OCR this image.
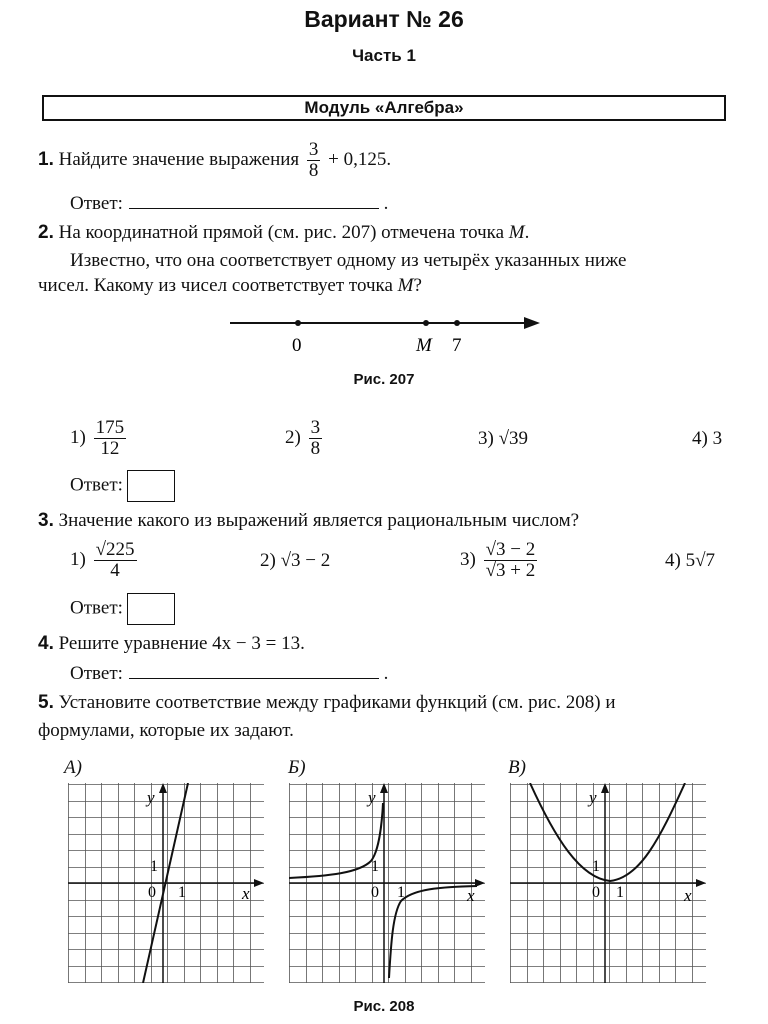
Вариант № 26
Часть 1
Модуль «Алгебра»
1. Найдите значение выражения $\frac{3}{8} + 0,125$.
Ответ:	.
2. На координатной прямой (см. рис. 207) отмечена точка M.
Известно, что она соответствует одному из четырёх указанных ниже
чисел. Какому из чисел соответствует точка M?
0	M 7
Рис. 207
$1) \frac{175}{12}$	$2) \frac{3}{8}$	3) √39	4) 3
Ответ:
3. Значение какого из выражений является рациональным числом?
$1) \frac{√225}{4}$	2) √3 − 2	$3) \frac{√3 - 2}{√3 + 2}$	4) 5√7
Ответ:
4. Решите уравнение 4x − 3 = 13.
Ответ:	.
5. Установите соответствие между графиками функций (см. рис. 208) и
формулами, которые их задают.
А)	Б)	В)
y
x
1
0 1
y
x
1
0 1
y
x
1
0 1
Рис. 208
